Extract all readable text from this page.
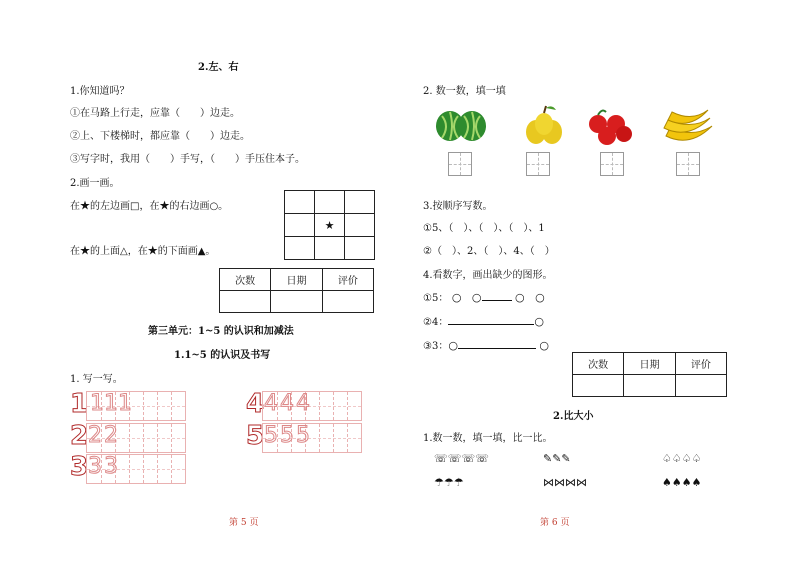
2.左、右
1.你知道吗？
①在马路上行走，应靠（　　）边走。
②上、下楼梯时，都应靠（　　）边走。
③写字时，我用（　　）手写，（　　）手压住本子。
2.画一画。
在★的左边画□，在★的右边画○。
在★的上面△，在★的下面画▲。

	★	

次数	日期	评价

第三单元：1~5 的认识和加减法
1.1~5 的认识及书写
1. 写一写。
1 1 1 1
2 2 2
3 3 3
4 4 4 4
5 5 5 5
第 5 页
2. 数一数，填一填
3.按顺序写数。
①5、（　）、（　）、（　）、1
②（　）、2、（　）、4、（　）
4.看数字，画出缺少的图形。
①5： ○   ○	○   ○
②4：	○
③3：○	○
次数	日期	评价

2.比大小
1.数一数，填一填，比一比。
☏☏☏☏	✎✎✎	♤♤♤♤
☂☂☂	⋈⋈⋈⋈	♠♠♠♠
第 6 页
